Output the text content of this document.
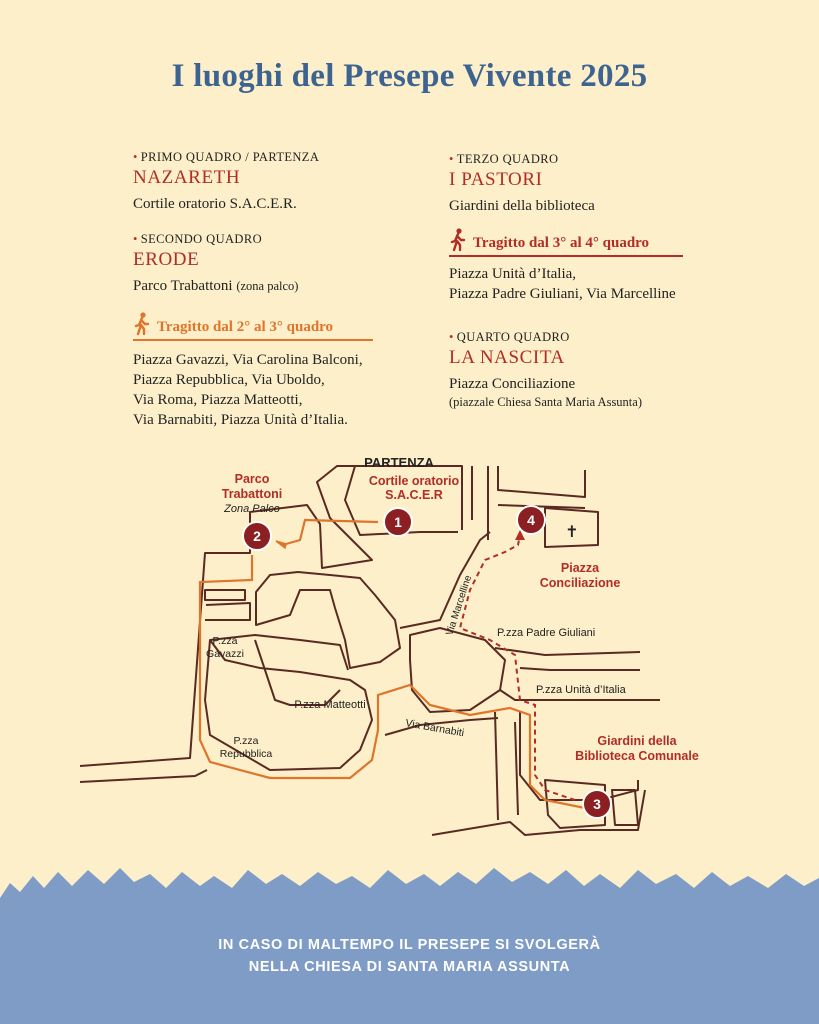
I luoghi del Presepe Vivente 2025
• PRIMO QUADRO / PARTENZA
NAZARETH
Cortile oratorio S.A.C.E.R.
• SECONDO QUADRO
ERODE
Parco Trabattoni (zona palco)
Tragitto dal 2° al 3° quadro
Piazza Gavazzi, Via Carolina Balconi,
Piazza Repubblica, Via Uboldo,
Via Roma, Piazza Matteotti,
Via Barnabiti, Piazza Unità d’Italia.
• TERZO QUADRO
I PASTORI
Giardini della biblioteca
Tragitto dal 3° al 4° quadro
Piazza Unità d’Italia,
Piazza Padre Giuliani, Via Marcelline
• QUARTO QUADRO
LA NASCITA
Piazza Conciliazione
(piazzale Chiesa Santa Maria Assunta)
✝
PARTENZA
Cortile oratorio
S.A.C.E.R
Parco
Trabattoni
Zona Palco
Piazza
Conciliazione
Giardini della
Biblioteca Comunale
Via Marcelline P.zza Padre Giuliani
P.zza Unità d’Italia
P.zza
Gavazzi
P.zza Matteotti
Via Barnabiti
P.zza
Repubblica
1
2
3
4
IN CASO DI MALTEMPO IL PRESEPE SI SVOLGERÀ
NELLA CHIESA DI SANTA MARIA ASSUNTA
